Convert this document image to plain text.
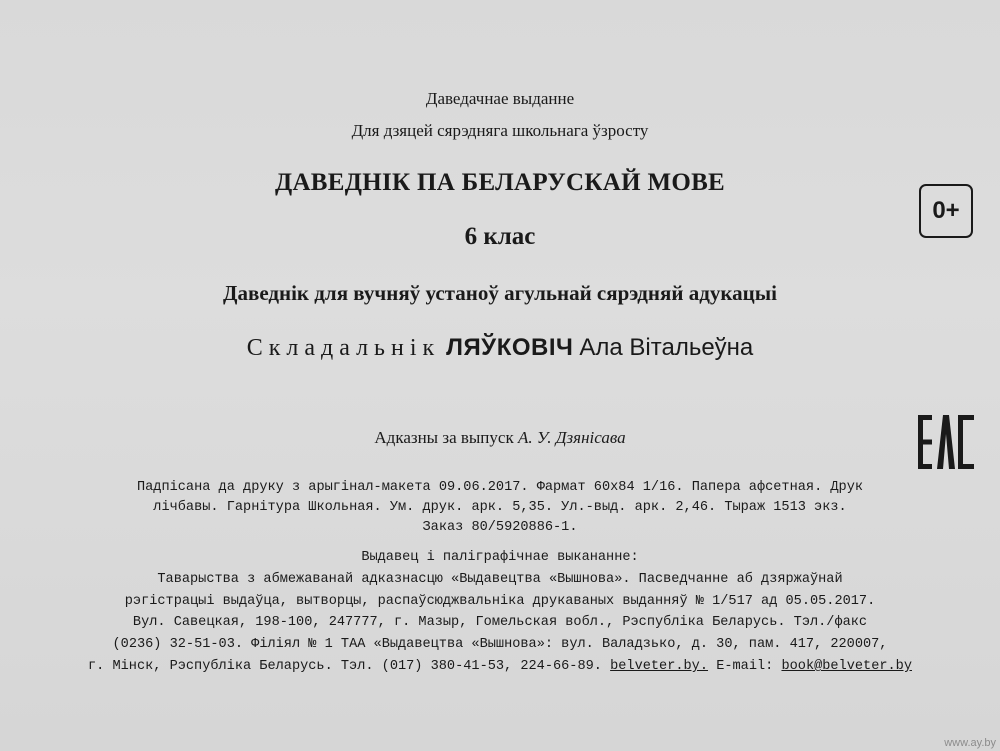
Даведачнае выданне
Для дзяцей сярэдняга школьнага ўзросту
ДАВЕДНІК ПА БЕЛАРУСКАЙ МОВЕ
6 клас
Даведнік для вучняў устаноў агульнай сярэдняй адукацыі
Складальнік ЛЯЎКОВІЧ Ала Вітальеўна
Адказны за выпуск А. У. Дзянісава
0+
Падпісана да друку з арыгінал-макета 09.06.2017. Фармат 60x84 1/16. Папера афсетная. Друк
лічбавы. Гарнітура Школьная. Ум. друк. арк. 5,35. Ул.-выд. арк. 2,46. Тыраж 1513 экз.
Заказ 80/5920886-1.
Выдавец і паліграфічнае выкананне:
Таварыства з абмежаванай адказнасцю «Выдавецтва «Вышнова». Пасведчанне аб дзяржаўнай
рэгістрацыі выдаўца, вытворцы, распаўсюджвальніка друкаваных выданняў № 1/517 ад 05.05.2017.
Вул. Савецкая, 198-100, 247777, г. Мазыр, Гомельская вобл., Рэспубліка Беларусь. Тэл./факс
(0236) 32-51-03. Філіял № 1 ТАА «Выдавецтва «Вышнова»: вул. Валадзько, д. 30, пам. 417, 220007,
г. Мінск, Рэспубліка Беларусь. Тэл. (017) 380-41-53, 224-66-89. belveter.by. E-mail: book@belveter.by
www.ay.by
